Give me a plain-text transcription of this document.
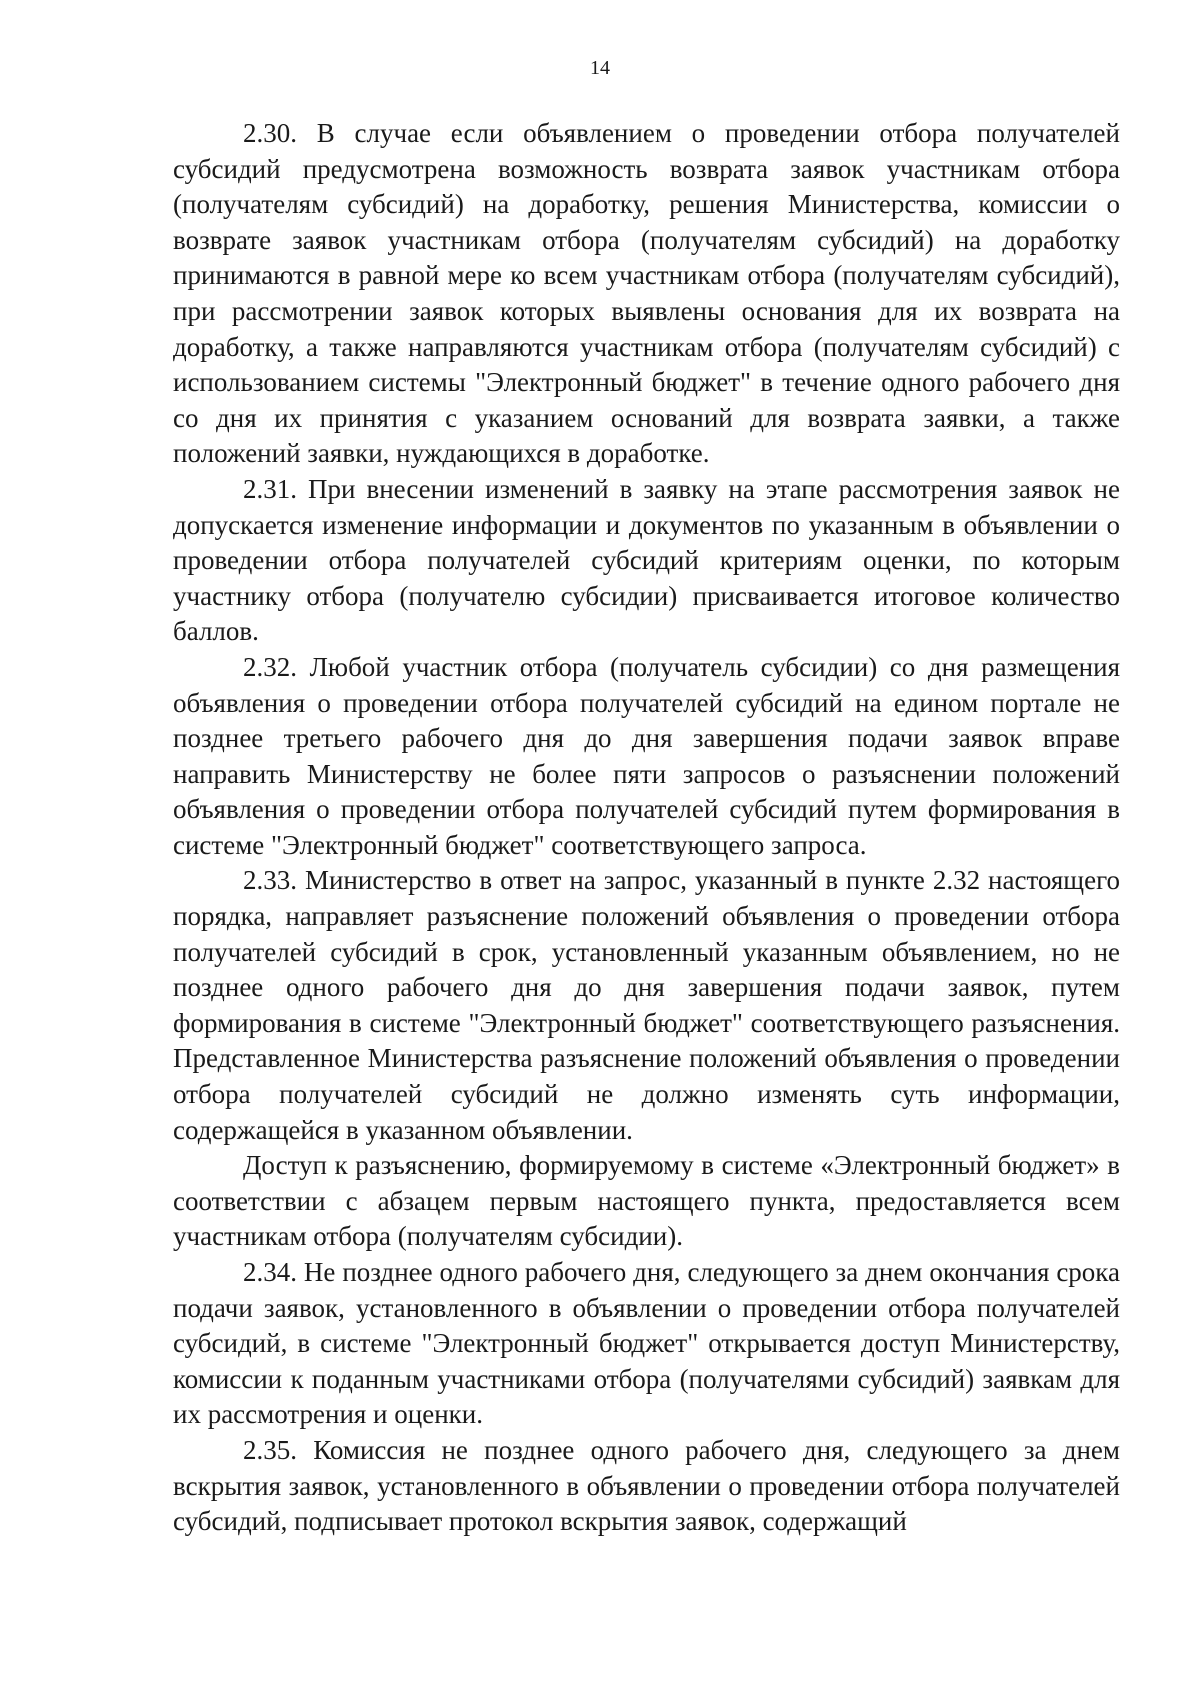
14

2.30. В случае если объявлением о проведении отбора получателей субсидий предусмотрена возможность возврата заявок участникам отбора (получателям субсидий) на доработку, решения Министерства, комиссии о возврате заявок участникам отбора (получателям субсидий) на доработку принимаются в равной мере ко всем участникам отбора (получателям субсидий), при рассмотрении заявок которых выявлены основания для их возврата на доработку, а также направляются участникам отбора (получателям субсидий) с использованием системы "Электронный бюджет" в течение одного рабочего дня со дня их принятия с указанием оснований для возврата заявки, а также положений заявки, нуждающихся в доработке.

2.31. При внесении изменений в заявку на этапе рассмотрения заявок не допускается изменение информации и документов по указанным в объявлении о проведении отбора получателей субсидий критериям оценки, по которым участнику отбора (получателю субсидии) присваивается итоговое количество баллов.

2.32. Любой участник отбора (получатель субсидии) со дня размещения объявления о проведении отбора получателей субсидий на едином портале не позднее третьего рабочего дня до дня завершения подачи заявок вправе направить Министерству не более пяти запросов о разъяснении положений объявления о проведении отбора получателей субсидий путем формирования в системе "Электронный бюджет" соответствующего запроса.

2.33. Министерство в ответ на запрос, указанный в пункте 2.32 настоящего порядка, направляет разъяснение положений объявления о проведении отбора получателей субсидий в срок, установленный указанным объявлением, но не позднее одного рабочего дня до дня завершения подачи заявок, путем формирования в системе "Электронный бюджет" соответствующего разъяснения. Представленное Министерства разъяснение положений объявления о проведении отбора получателей субсидий не должно изменять суть информации, содержащейся в указанном объявлении.

Доступ к разъяснению, формируемому в системе «Электронный бюджет» в соответствии с абзацем первым настоящего пункта, предоставляется всем участникам отбора (получателям субсидии).

2.34. Не позднее одного рабочего дня, следующего за днем окончания срока подачи заявок, установленного в объявлении о проведении отбора получателей субсидий, в системе "Электронный бюджет" открывается доступ Министерству, комиссии к поданным участниками отбора (получателями субсидий) заявкам для их рассмотрения и оценки.

2.35. Комиссия не позднее одного рабочего дня, следующего за днем вскрытия заявок, установленного в объявлении о проведении отбора получателей субсидий, подписывает протокол вскрытия заявок, содержащий
